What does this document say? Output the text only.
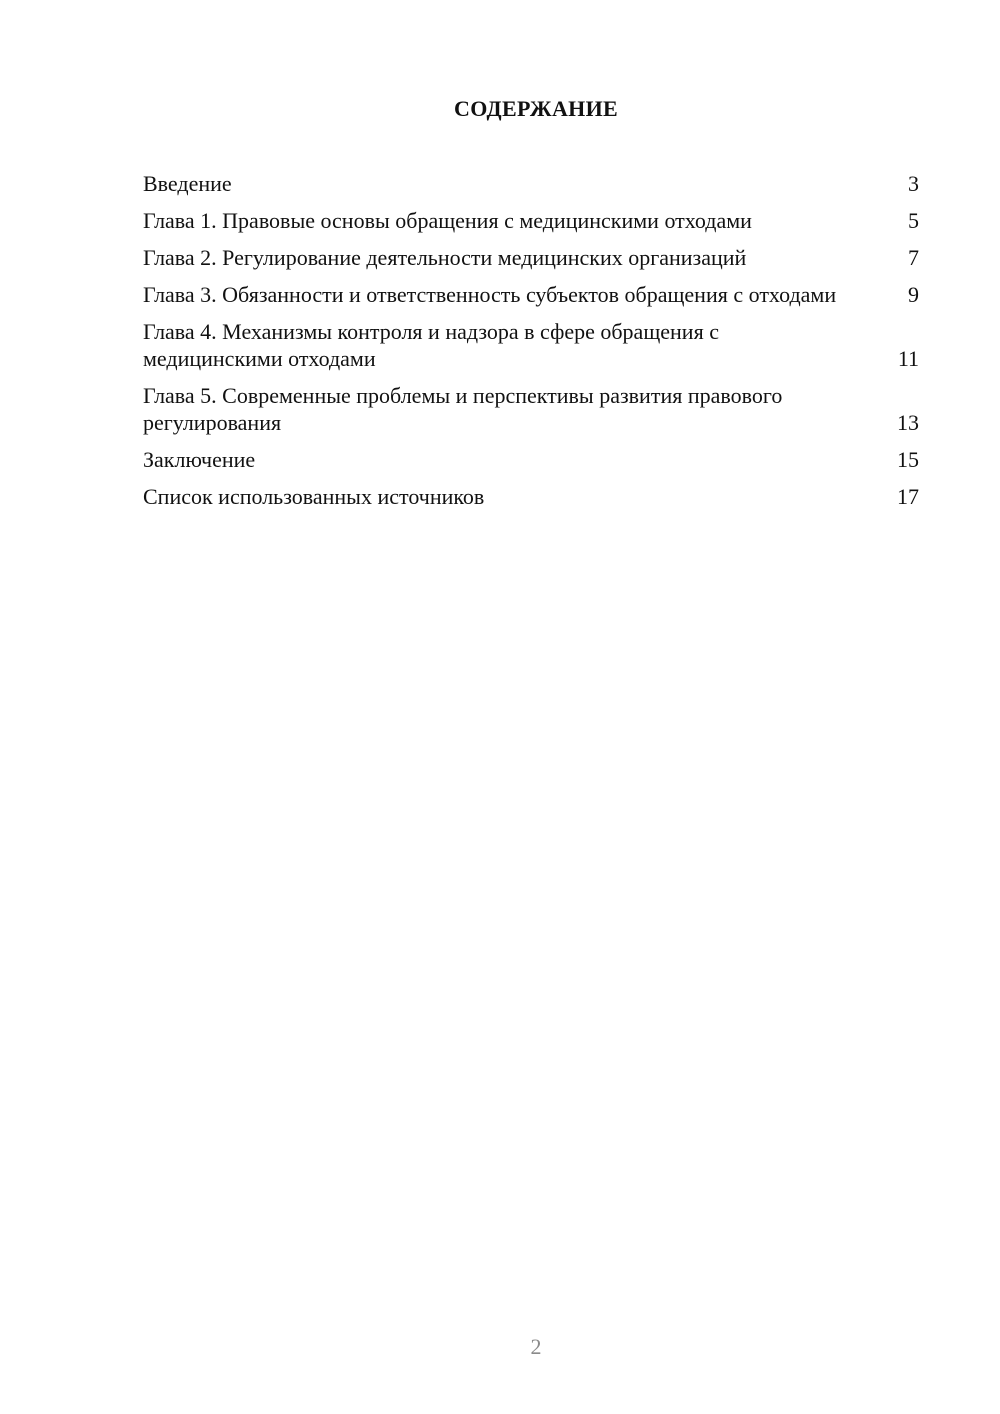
СОДЕРЖАНИЕ
Введение	3
Глава 1. Правовые основы обращения с медицинскими отходами	5
Глава 2. Регулирование деятельности медицинских организаций	7
Глава 3. Обязанности и ответственность субъектов обращения с отходами	9
Глава 4. Механизмы контроля и надзора в сфере обращения с медицинскими отходами	11
Глава 5. Современные проблемы и перспективы развития правового регулирования	13
Заключение	15
Список использованных источников	17
2
